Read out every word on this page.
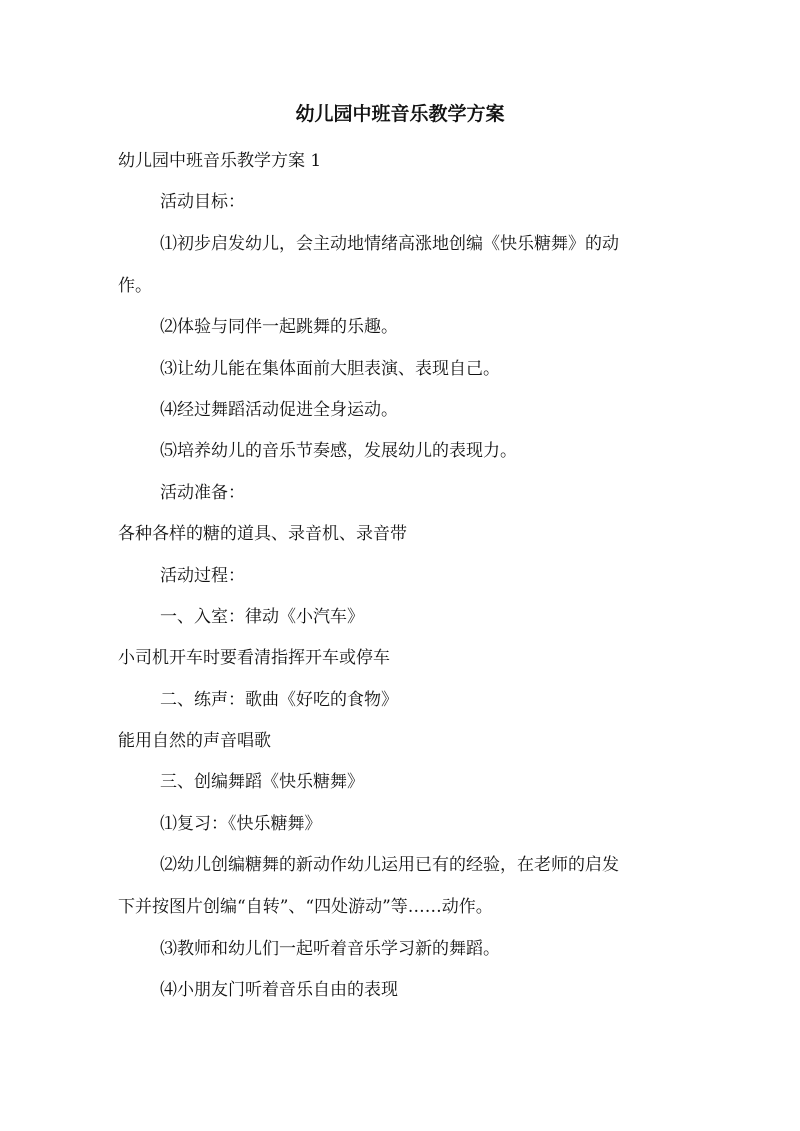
幼儿园中班音乐教学方案

幼儿园中班音乐教学方案 1

活动目标：

⑴初步启发幼儿，会主动地情绪高涨地创编《快乐糖舞》的动
作。

⑵体验与同伴一起跳舞的乐趣。

⑶让幼儿能在集体面前大胆表演、表现自己。

⑷经过舞蹈活动促进全身运动。

⑸培养幼儿的音乐节奏感，发展幼儿的表现力。

活动准备：

各种各样的糖的道具、录音机、录音带

活动过程：

一、入室：律动《小汽车》

小司机开车时要看清指挥开车或停车

二、练声：歌曲《好吃的食物》

能用自然的声音唱歌

三、创编舞蹈《快乐糖舞》

⑴复习：《快乐糖舞》

⑵幼儿创编糖舞的新动作幼儿运用已有的经验，在老师的启发
下并按图片创编“自转”、“四处游动”等……动作。

⑶教师和幼儿们一起听着音乐学习新的舞蹈。

⑷小朋友门听着音乐自由的表现
